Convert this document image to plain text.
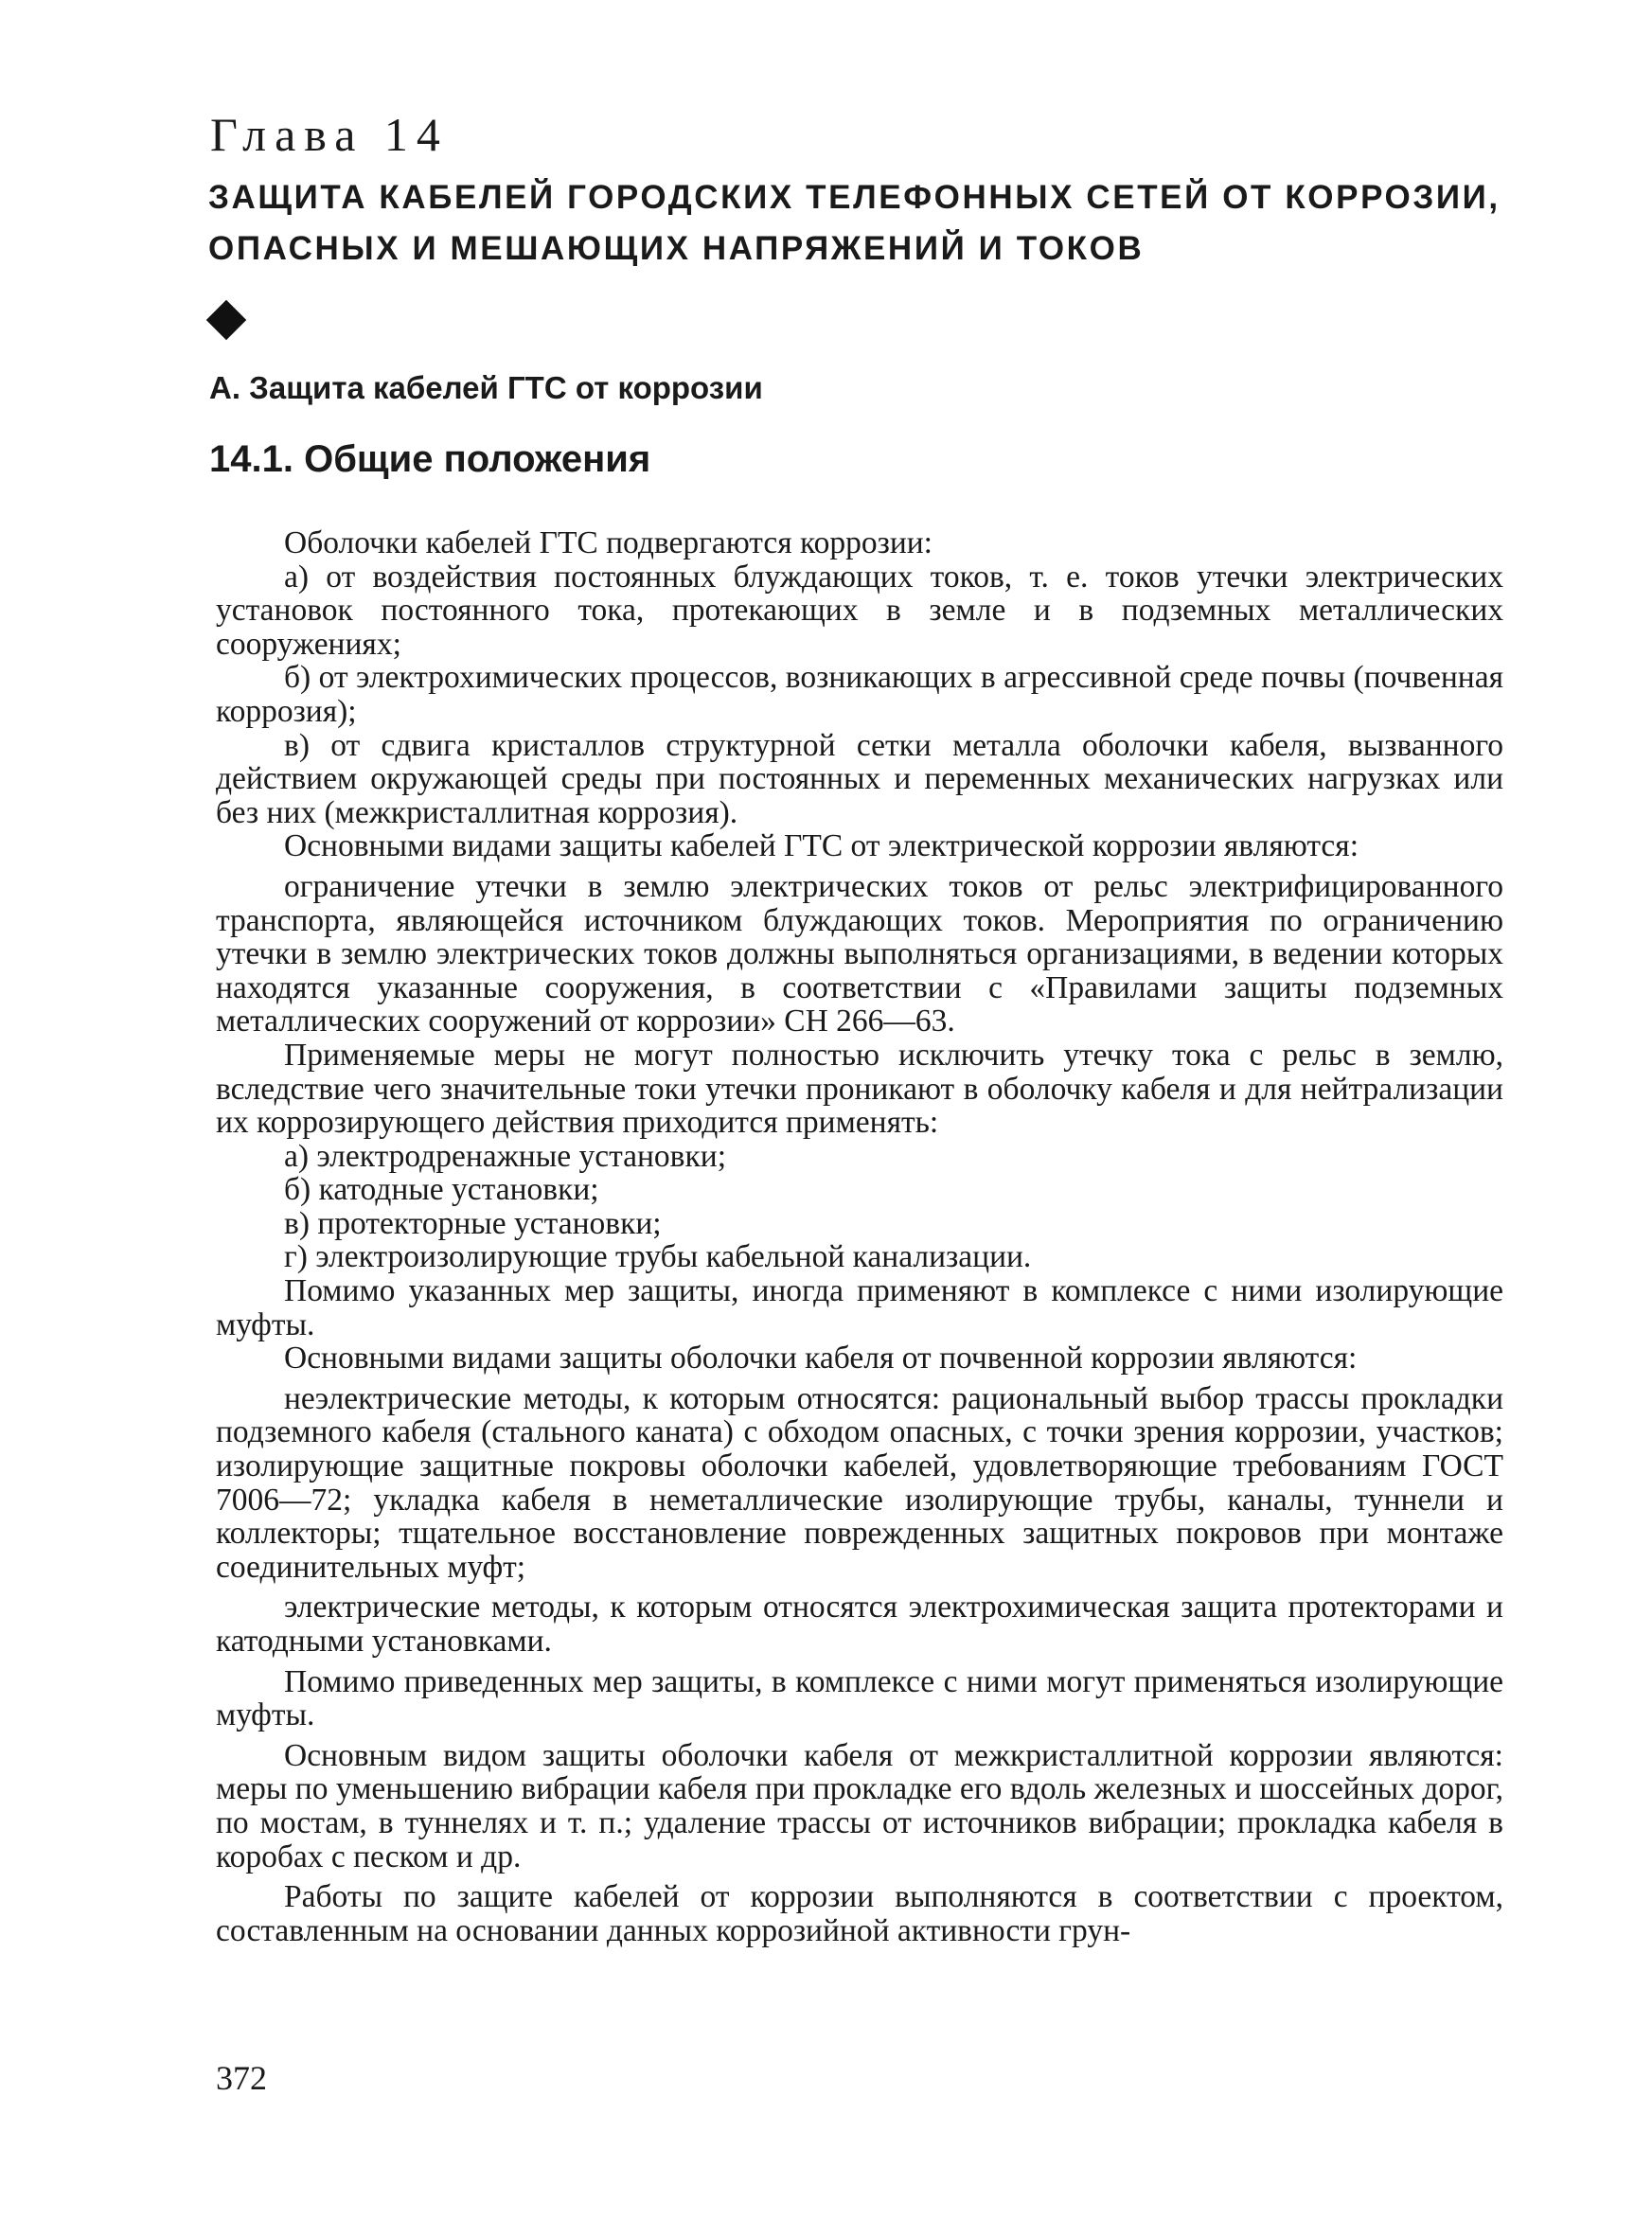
Глава 14
ЗАЩИТА КАБЕЛЕЙ ГОРОДСКИХ ТЕЛЕФОННЫХ СЕТЕЙ ОТ КОРРОЗИИ,
ОПАСНЫХ И МЕШАЮЩИХ НАПРЯЖЕНИЙ И ТОКОВ
А. Защита кабелей ГТС от коррозии
14.1. Общие положения

Оболочки кабелей ГТС подвергаются коррозии:

а) от воздействия постоянных блуждающих токов, т. е. токов утечки электрических установок постоянного тока, протекающих в земле и в подземных металлических сооружениях;

б) от электрохимических процессов, возникающих в агрессивной среде почвы (почвенная коррозия);

в) от сдвига кристаллов структурной сетки металла оболочки кабеля, вызванного действием окружающей среды при постоянных и переменных механических нагрузках или без них (межкристаллитная коррозия).

Основными видами защиты кабелей ГТС от электрической коррозии являются:

ограничение утечки в землю электрических токов от рельс электрифицированного транспорта, являющейся источником блуждающих токов. Мероприятия по ограничению утечки в землю электрических токов должны выполняться организациями, в ведении которых находятся указанные сооружения, в соответствии с «Правилами защиты подземных металлических сооружений от коррозии» СН 266—63.

Применяемые меры не могут полностью исключить утечку тока с рельс в землю, вследствие чего значительные токи утечки проникают в оболочку кабеля и для нейтрализации их коррозирующего действия приходится применять:

а) электродренажные установки;

б) катодные установки;

в) протекторные установки;

г) электроизолирующие трубы кабельной канализации.

Помимо указанных мер защиты, иногда применяют в комплексе с ними изолирующие муфты.

Основными видами защиты оболочки кабеля от почвенной коррозии являются:

неэлектрические методы, к которым относятся: рациональный выбор трассы прокладки подземного кабеля (стального каната) с обходом опасных, с точки зрения коррозии, участков; изолирующие защитные покровы оболочки кабелей, удовлетворяющие требованиям ГОСТ 7006—72; укладка кабеля в неметаллические изолирующие трубы, каналы, туннели и коллекторы; тщательное восстановление поврежденных защитных покровов при монтаже соединительных муфт;

электрические методы, к которым относятся электрохимическая защита протекторами и катодными установками.

Помимо приведенных мер защиты, в комплексе с ними могут применяться изолирующие муфты.

Основным видом защиты оболочки кабеля от межкристаллитной коррозии являются: меры по уменьшению вибрации кабеля при прокладке его вдоль железных и шоссейных дорог, по мостам, в туннелях и т. п.; удаление трассы от источников вибрации; прокладка кабеля в коробах с песком и др.

Работы по защите кабелей от коррозии выполняются в соответствии с проектом, составленным на основании данных коррозийной активности грун-

372
